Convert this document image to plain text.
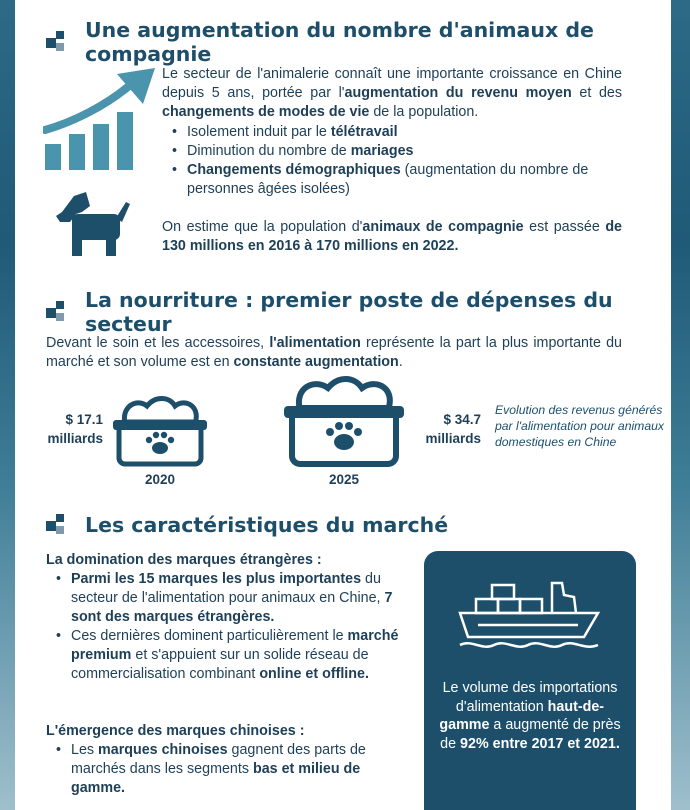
Une augmentation du nombre d'animaux de compagnie
Le secteur de l'animalerie connaît une importante croissance en Chine depuis 5 ans, portée par l'augmentation du revenu moyen et des changements de modes de vie de la population.
• Isolement induit par le télétravail
• Diminution du nombre de mariages
• Changements démographiques (augmentation du nombre de personnes âgées isolées)
On estime que la population d'animaux de compagnie est passée de 130 millions en 2016 à 170 millions en 2022.
La nourriture : premier poste de dépenses du secteur
Devant le soin et les accessoires, l'alimentation représente la part la plus importante du marché et son volume est en constante augmentation.
$ 17.1
milliards
2020	2025
$ 34.7
milliards
Evolution des revenus générés par l'alimentation pour animaux domestiques en Chine
Les caractéristiques du marché
La domination des marques étrangères :
• Parmi les 15 marques les plus importantes du secteur de l'alimentation pour animaux en Chine, 7 sont des marques étrangères.
• Ces dernières dominent particulièrement le marché premium et s'appuient sur un solide réseau de commercialisation combinant online et offline.
L'émergence des marques chinoises :
• Les marques chinoises gagnent des parts de marchés dans les segments bas et milieu de gamme.
Le volume des importations d'alimentation haut-de-gamme a augmenté de près de 92% entre 2017 et 2021.
